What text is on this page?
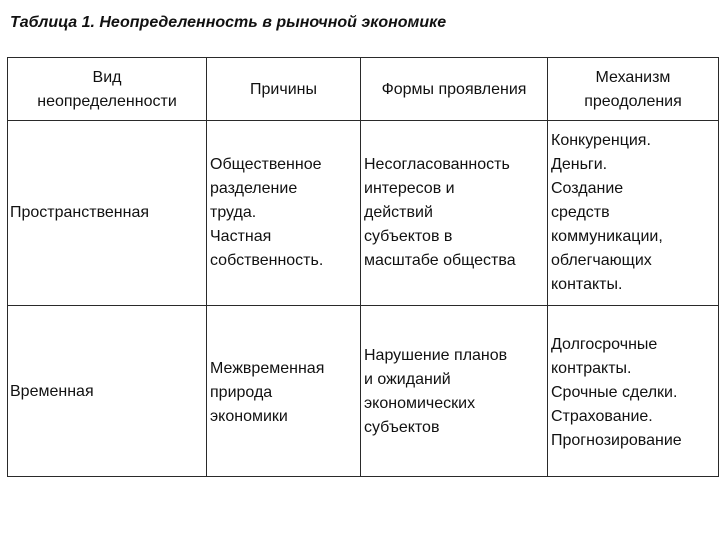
Таблица 1. Неопределенность в рыночной экономике
Вид
неопределенности
Причины	Формы проявления
Механизм
преодоления
Пространственная
Общественное
разделение
труда.
Частная
собственность.
Несогласованность
интересов и
действий
субъектов в
масштабе общества
Конкуренция.
Деньги.
Создание
средств
коммуникации,
облегчающих
контакты.
Временная
Межвременная
природа
экономики
Нарушение планов
и ожиданий
экономических
субъектов
Долгосрочные
контракты.
Срочные сделки.
Страхование.
Прогнозирование
